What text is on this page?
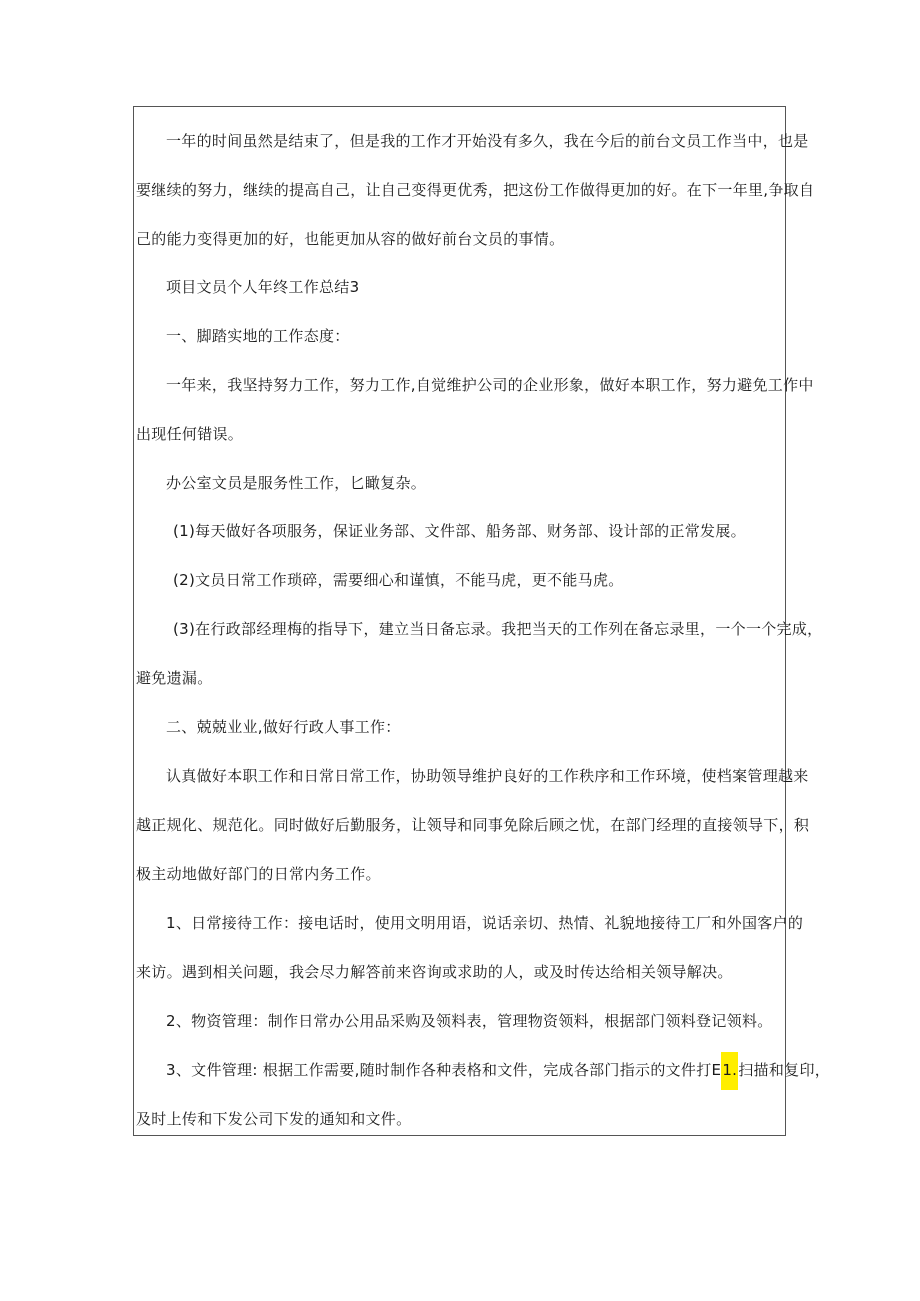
一年的时间虽然是结束了，但是我的工作才开始没有多久，我在今后的前台文员工作当中，也是
要继续的努力，继续的提高自己，让自己变得更优秀，把这份工作做得更加的好。在下一年里,争取自
己的能力变得更加的好，也能更加从容的做好前台文员的事情。
项目文员个人年终工作总结3
一、脚踏实地的工作态度：
一年来，我坚持努力工作，努力工作,自觉维护公司的企业形象，做好本职工作，努力避免工作中
出现任何错误。
办公室文员是服务性工作，匕瞰复杂。
(1)每天做好各项服务，保证业务部、文件部、船务部、财务部、设计部的正常发展。
(2)文员日常工作琐碎，需要细心和谨慎，不能马虎，更不能马虎。
(3)在行政部经理梅的指导下，建立当日备忘录。我把当天的工作列在备忘录里，一个一个完成，
避免遗漏。
二、兢兢业业,做好行政人事工作：
认真做好本职工作和日常日常工作，协助领导维护良好的工作秩序和工作环境，使档案管理越来
越正规化、规范化。同时做好后勤服务，让领导和同事免除后顾之忧，在部门经理的直接领导下，积
极主动地做好部门的日常内务工作。
1、日常接待工作：接电话时，使用文明用语，说话亲切、热情、礼貌地接待工厂和外国客户的
来访。遇到相关问题，我会尽力解答前来咨询或求助的人，或及时传达给相关领导解决。
2、物资管理：制作日常办公用品采购及领料表，管理物资领料，根据部门领料登记领料。
3、文件管理: 根据工作需要,随时制作各种表格和文件，完成各部门指示的文件打E1.扫描和复印，
及时上传和下发公司下发的通知和文件。
